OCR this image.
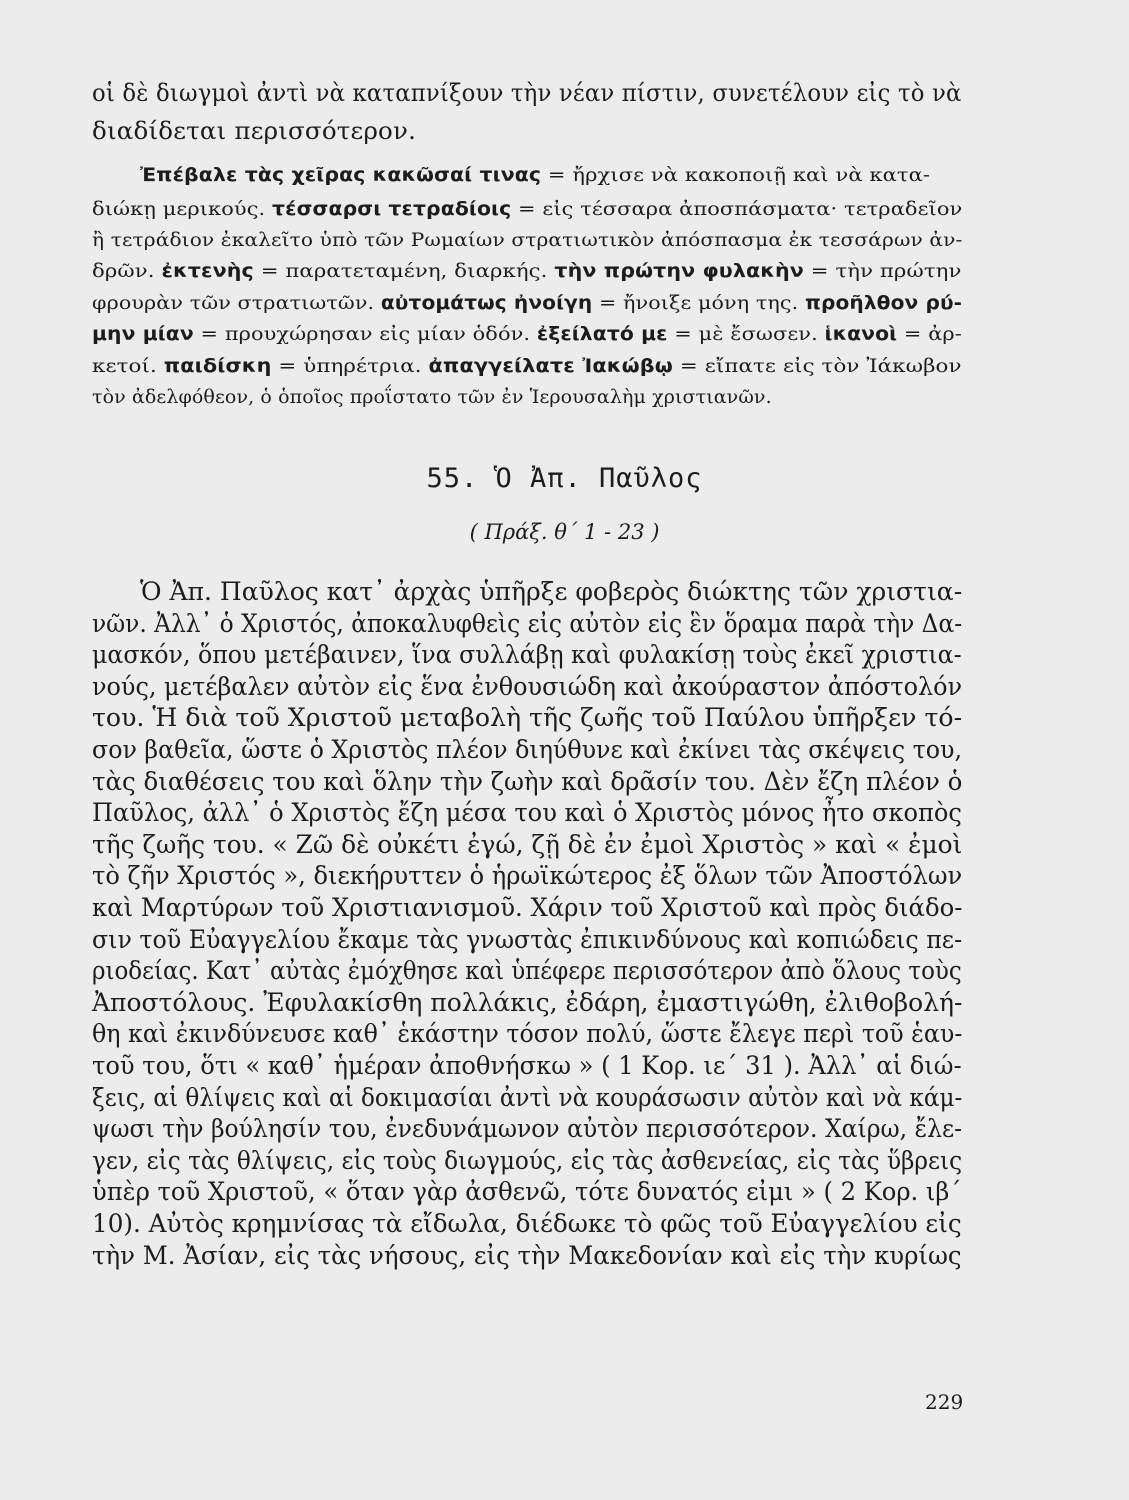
οἱ δὲ διωγμοὶ ἀντὶ νὰ καταπνίξουν τὴν νέαν πίστιν, συνετέλουν εἰς τὸ νὰ
διαδίδεται περισσότερον.
Ἐπέβαλε τὰς χεῖρας κακῶσαί τινας = ἤρχισε νὰ κακοποιῇ καὶ νὰ κατα-
διώκῃ μερικούς. τέσσαρσι τετραδίοις = εἰς τέσσαρα ἀποσπάσματα· τετραδεῖον
ἢ τετράδιον ἐκαλεῖτο ὑπὸ τῶν Ρωμαίων στρατιωτικὸν ἀπόσπασμα ἐκ τεσσάρων ἀν-
δρῶν. ἐκτενὴς = παρατεταμένη, διαρκής. τὴν πρώτην φυλακὴν = τὴν πρώτην
φρουρὰν τῶν στρατιωτῶν. αὐτομάτως ἠνοίγη = ἤνοιξε μόνη της. προῆλθον ρύ-
μην μίαν = προυχώρησαν εἰς μίαν ὁδόν. ἐξείλατό με = μὲ ἔσωσεν. ἱκανοὶ = ἀρ-
κετοί. παιδίσκη = ὑπηρέτρια. ἀπαγγείλατε Ἰακώβῳ = εἴπατε εἰς τὸν Ἰάκωβον
τὸν ἀδελφόθεον, ὁ ὁποῖος προΐστατο τῶν ἐν Ἱερουσαλὴμ χριστιανῶν.
55. Ὁ Ἀπ. Παῦλος
( Πράξ. θ΄ 1 - 23 )
Ὁ Ἀπ. Παῦλος κατ᾽ ἀρχὰς ὑπῆρξε φοβερὸς διώκτης τῶν χριστια-
νῶν. Ἀλλ᾽ ὁ Χριστός, ἀποκαλυφθεὶς εἰς αὐτὸν εἰς ἓν ὅραμα παρὰ τὴν Δα-
μασκόν, ὅπου μετέβαινεν, ἵνα συλλάβῃ καὶ φυλακίσῃ τοὺς ἐκεῖ χριστια-
νούς, μετέβαλεν αὐτὸν εἰς ἕνα ἐνθουσιώδη καὶ ἀκούραστον ἀπόστολόν
του. Ἡ διὰ τοῦ Χριστοῦ μεταβολὴ τῆς ζωῆς τοῦ Παύλου ὑπῆρξεν τό-
σον βαθεῖα, ὥστε ὁ Χριστὸς πλέον διηύθυνε καὶ ἐκίνει τὰς σκέψεις του,
τὰς διαθέσεις του καὶ ὅλην τὴν ζωὴν καὶ δρᾶσίν του. Δὲν ἔζη πλέον ὁ
Παῦλος, ἀλλ᾽ ὁ Χριστὸς ἔζη μέσα του καὶ ὁ Χριστὸς μόνος ἦτο σκοπὸς
τῆς ζωῆς του. « Ζῶ δὲ οὐκέτι ἐγώ, ζῇ δὲ ἐν ἐμοὶ Χριστὸς » καὶ « ἐμοὶ
τὸ ζῆν Χριστός », διεκήρυττεν ὁ ἡρωϊκώτερος ἐξ ὅλων τῶν Ἀποστόλων
καὶ Μαρτύρων τοῦ Χριστιανισμοῦ. Χάριν τοῦ Χριστοῦ καὶ πρὸς διάδο-
σιν τοῦ Εὐαγγελίου ἔκαμε τὰς γνωστὰς ἐπικινδύνους καὶ κοπιώδεις πε-
ριοδείας. Κατ᾽ αὐτὰς ἐμόχθησε καὶ ὑπέφερε περισσότερον ἀπὸ ὅλους τοὺς
Ἀποστόλους. Ἐφυλακίσθη πολλάκις, ἐδάρη, ἐμαστιγώθη, ἐλιθοβολή-
θη καὶ ἐκινδύνευσε καθ᾽ ἑκάστην τόσον πολύ, ὥστε ἔλεγε περὶ τοῦ ἑαυ-
τοῦ του, ὅτι « καθ᾽ ἡμέραν ἀποθνήσκω » ( 1 Κορ. ιε΄ 31 ). Ἀλλ᾽ αἱ διώ-
ξεις, αἱ θλίψεις καὶ αἱ δοκιμασίαι ἀντὶ νὰ κουράσωσιν αὐτὸν καὶ νὰ κάμ-
ψωσι τὴν βούλησίν του, ἐνεδυνάμωνον αὐτὸν περισσότερον. Χαίρω, ἔλε-
γεν, εἰς τὰς θλίψεις, εἰς τοὺς διωγμούς, εἰς τὰς ἀσθενείας, εἰς τὰς ὕβρεις
ὑπὲρ τοῦ Χριστοῦ, « ὅταν γὰρ ἀσθενῶ, τότε δυνατός εἰμι » ( 2 Κορ. ιβ΄
10). Αὐτὸς κρημνίσας τὰ εἴδωλα, διέδωκε τὸ φῶς τοῦ Εὐαγγελίου εἰς
τὴν Μ. Ἀσίαν, εἰς τὰς νήσους, εἰς τὴν Μακεδονίαν καὶ εἰς τὴν κυρίως
229
